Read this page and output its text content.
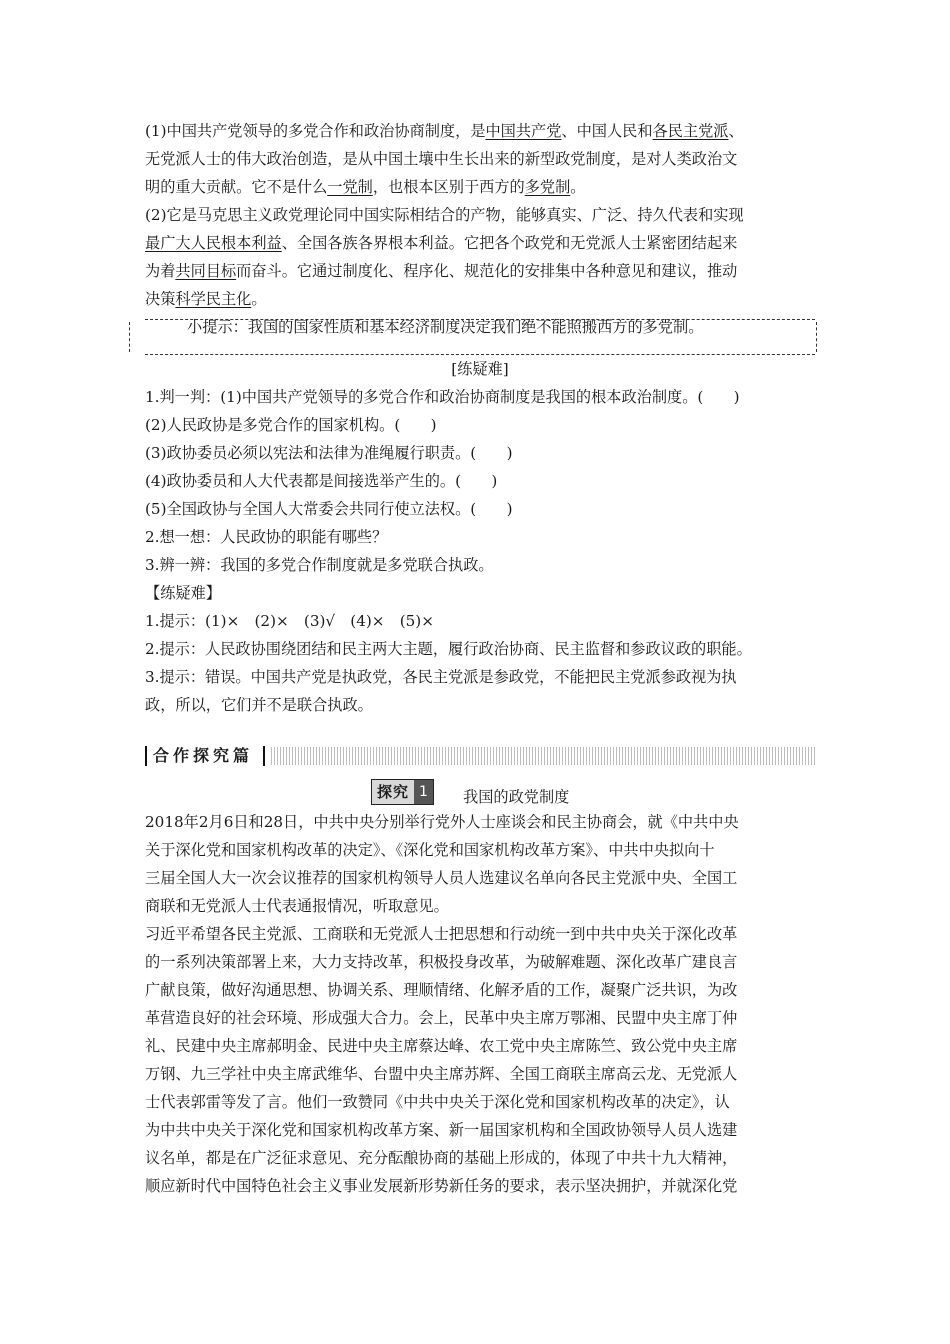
(1)中国共产党领导的多党合作和政治协商制度，是中国共产党、中国人民和各民主党派、
无党派人士的伟大政治创造，是从中国土壤中生长出来的新型政党制度，是对人类政治文
明的重大贡献。它不是什么一党制，也根本区别于西方的多党制。
(2)它是马克思主义政党理论同中国实际相结合的产物，能够真实、广泛、持久代表和实现
最广大人民根本利益、全国各族各界根本利益。它把各个政党和无党派人士紧密团结起来
为着共同目标而奋斗。它通过制度化、程序化、规范化的安排集中各种意见和建议，推动
决策科学民主化。
小提示：我国的国家性质和基本经济制度决定我们绝不能照搬西方的多党制。
[练疑难]
1.判一判：(1)中国共产党领导的多党合作和政治协商制度是我国的根本政治制度。(　　)
(2)人民政协是多党合作的国家机构。(　　)
(3)政协委员必须以宪法和法律为准绳履行职责。(　　)
(4)政协委员和人大代表都是间接选举产生的。(　　)
(5)全国政协与全国人大常委会共同行使立法权。(　　)
2.想一想：人民政协的职能有哪些？
3.辨一辨：我国的多党合作制度就是多党联合执政。
【练疑难】
1.提示：(1)×　(2)×　(3)√　(4)×　(5)×
2.提示：人民政协围绕团结和民主两大主题，履行政治协商、民主监督和参政议政的职能。
3.提示：错误。中国共产党是执政党，各民主党派是参政党，不能把民主党派参政视为执
政，所以，它们并不是联合执政。
合作探究篇
探究 1	我国的政党制度
2018年2月6日和28日，中共中央分别举行党外人士座谈会和民主协商会，就《中共中央
关于深化党和国家机构改革的决定》、《深化党和国家机构改革方案》、中共中央拟向十
三届全国人大一次会议推荐的国家机构领导人员人选建议名单向各民主党派中央、全国工
商联和无党派人士代表通报情况，听取意见。
习近平希望各民主党派、工商联和无党派人士把思想和行动统一到中共中央关于深化改革
的一系列决策部署上来，大力支持改革，积极投身改革，为破解难题、深化改革广建良言
广献良策，做好沟通思想、协调关系、理顺情绪、化解矛盾的工作，凝聚广泛共识，为改
革营造良好的社会环境、形成强大合力。会上，民革中央主席万鄂湘、民盟中央主席丁仲
礼、民建中央主席郝明金、民进中央主席蔡达峰、农工党中央主席陈竺、致公党中央主席
万钢、九三学社中央主席武维华、台盟中央主席苏辉、全国工商联主席高云龙、无党派人
士代表郭雷等发了言。他们一致赞同《中共中央关于深化党和国家机构改革的决定》，认
为中共中央关于深化党和国家机构改革方案、新一届国家机构和全国政协领导人员人选建
议名单，都是在广泛征求意见、充分酝酿协商的基础上形成的，体现了中共十九大精神，
顺应新时代中国特色社会主义事业发展新形势新任务的要求，表示坚决拥护，并就深化党
